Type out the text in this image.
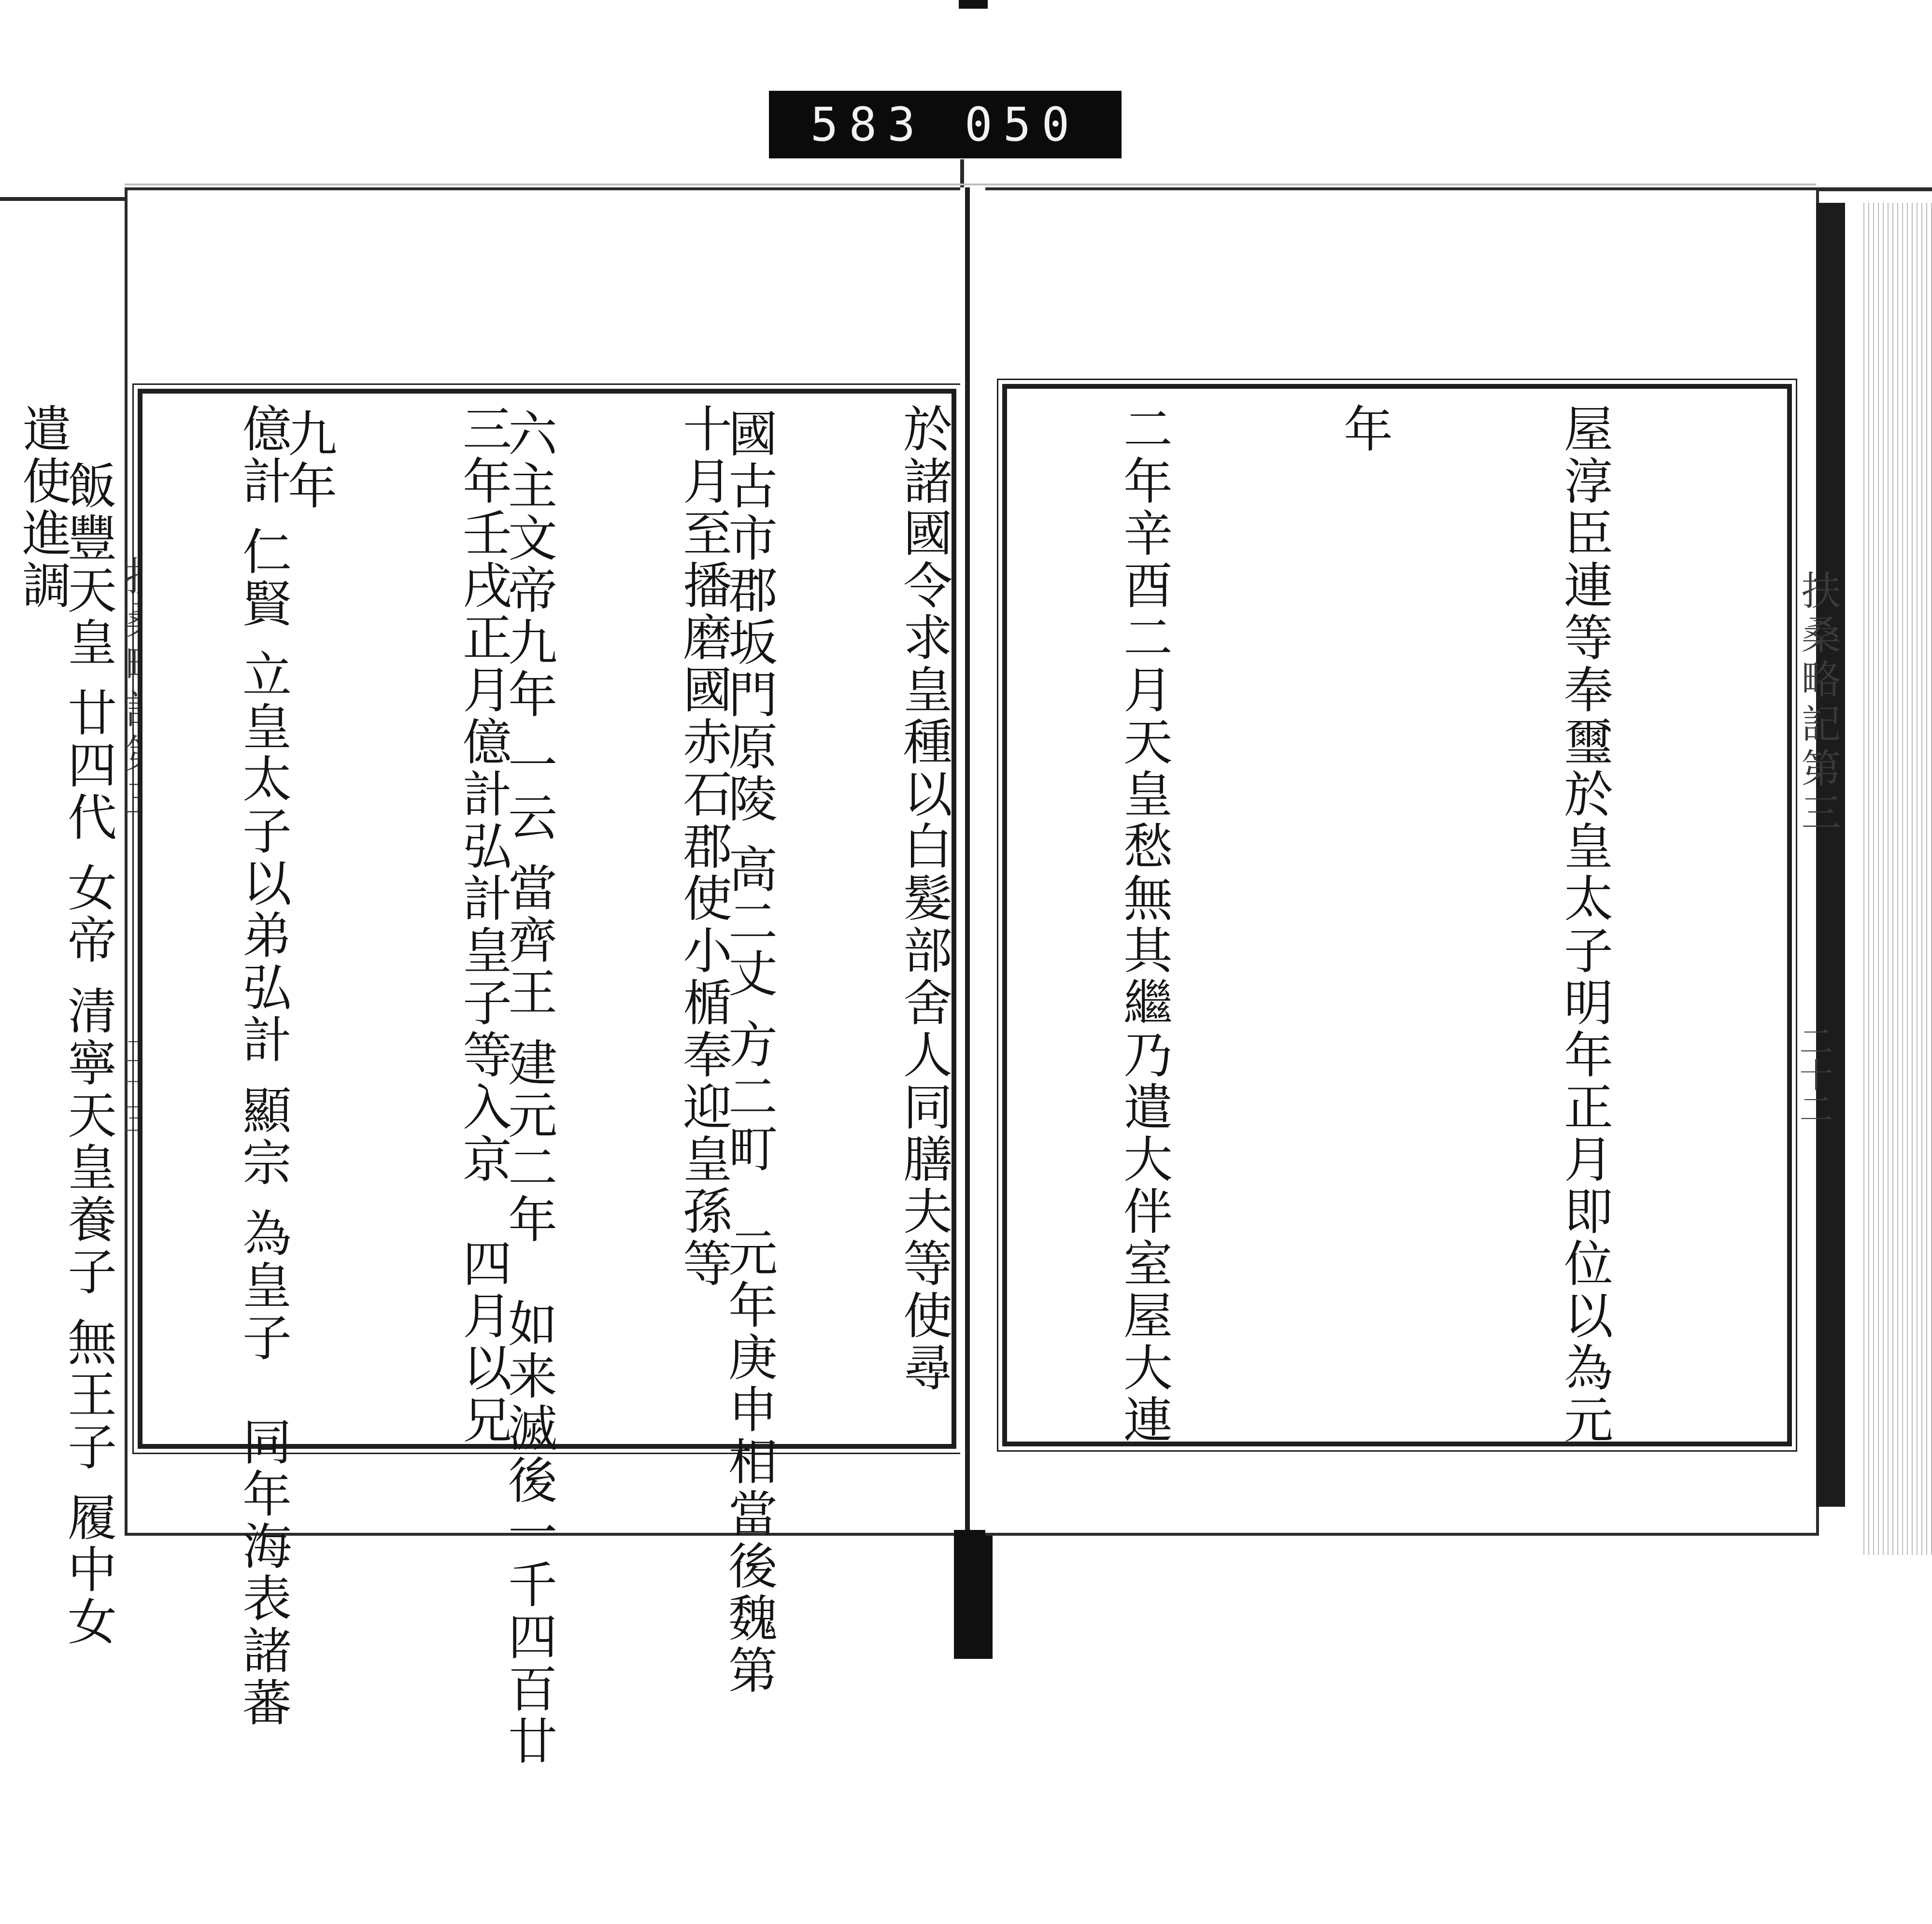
583 050

國古市郡坂門原陵 高二丈 方二町　元年庚申相當後魏第

六主文帝九年 一云 當齊王 建元二年　如来滅後一千四百廿

九年

　飯豐天皇 廿四代 女帝 清寧天皇養子 無王子 履中女

	扶桑略記第三
二十二

屋淳臣連等奉璽於皇太子明年正月即位以為元

年

二年辛酉二月天皇愁無其繼乃遣大伴室屋大連

於諸國令求皇種以白髮部舍人同膳夫等使尋

十月至播磨國赤石郡使小楯奉迎皇孫等

三年壬戌正月億計弘計皇子等入京　四月以兄

億計 仁賢 立皇太子以弟弘計 顯宗 為皇子　同年海表諸蕃

遣使進調
